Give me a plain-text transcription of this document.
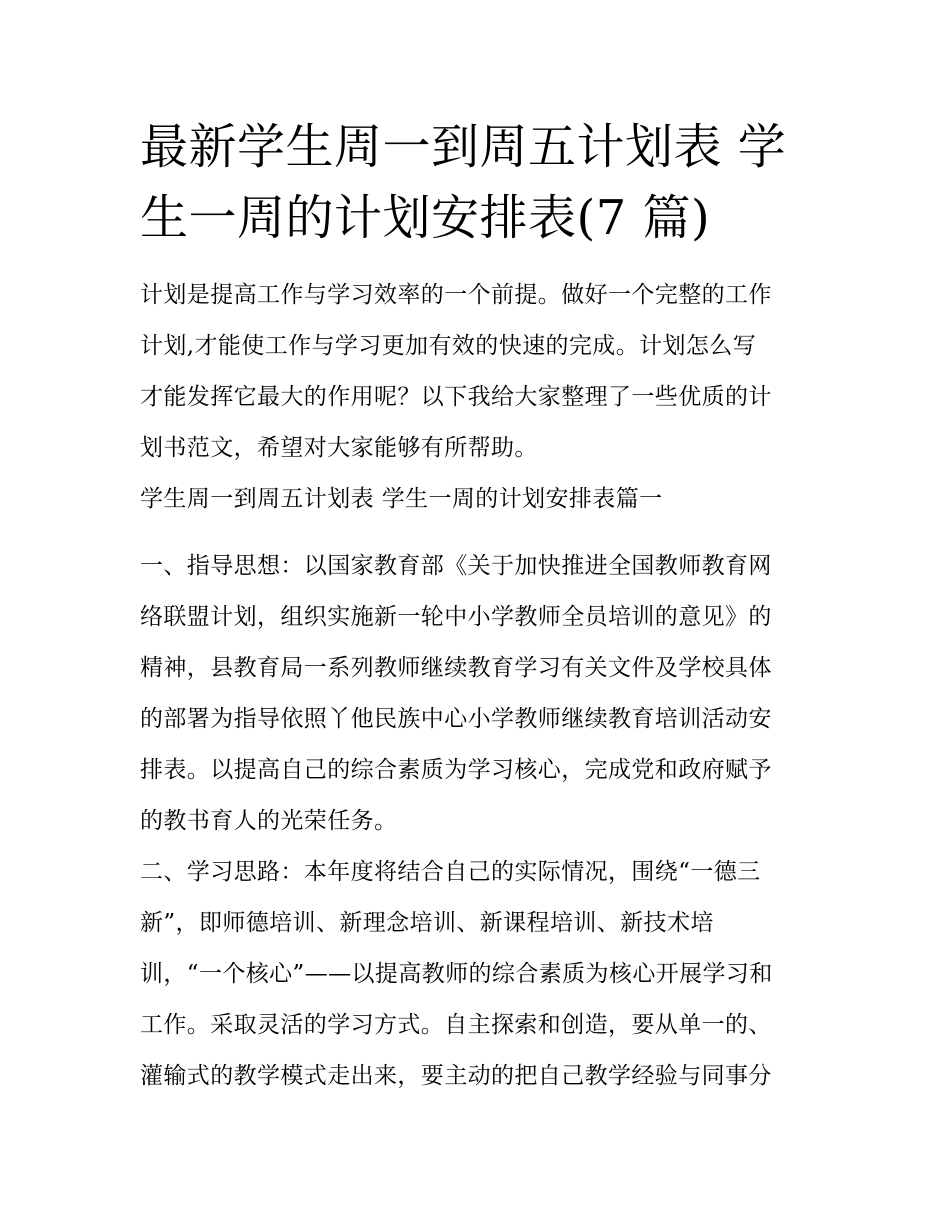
最新学生周一到周五计划表 学
生一周的计划安排表(7 篇)

计划是提高工作与学习效率的一个前提。做好一个完整的工作
计划,才能使工作与学习更加有效的快速的完成。计划怎么写
才能发挥它最大的作用呢？以下我给大家整理了一些优质的计
划书范文，希望对大家能够有所帮助。

学生周一到周五计划表 学生一周的计划安排表篇一

一、指导思想：以国家教育部《关于加快推进全国教师教育网
络联盟计划，组织实施新一轮中小学教师全员培训的意见》的
精神，县教育局一系列教师继续教育学习有关文件及学校具体
的部署为指导依照丫他民族中心小学教师继续教育培训活动安
排表。以提高自己的综合素质为学习核心，完成党和政府赋予
的教书育人的光荣任务。

二、学习思路：本年度将结合自己的实际情况，围绕“一德三
新”，即师德培训、新理念培训、新课程培训、新技术培
训，“一个核心”——以提高教师的综合素质为核心开展学习和
工作。采取灵活的学习方式。自主探索和创造，要从单一的、
灌输式的教学模式走出来，要主动的把自己教学经验与同事分
